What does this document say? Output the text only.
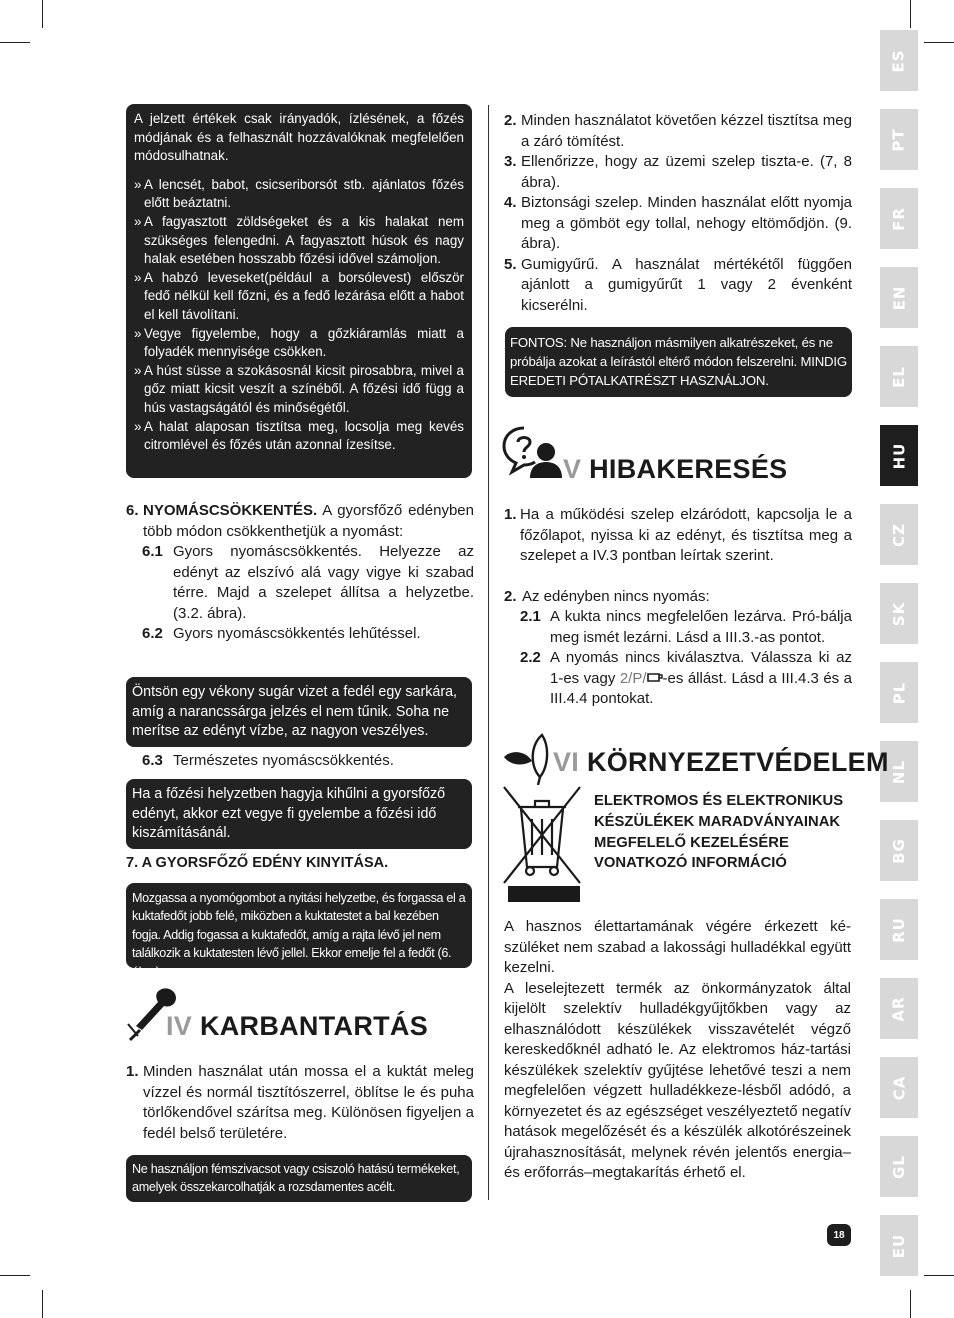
ES
PT
FR
EN
EL
HU
CZ
SK
PL
NL
BG
RU
AR
CA
GL
EU

A jelzett értékek csak irányadók, ízlésének, a főzés módjának és a felhasznált hozzávalóknak megfelelően módosulhatnak.

» A lencsét, babot, csicseriborsót stb. ajánlatos főzés előtt beáztatni.
» A fagyasztott zöldségeket és a kis halakat nem szükséges felengedni. A fagyasztott húsok és nagy halak esetében hosszabb főzési idővel számoljon.
» A habzó leveseket(például a borsólevest) először fedő nélkül kell főzni, és a fedő lezárása előtt a habot el kell távolítani.
» Vegye figyelembe, hogy a gőzkiáramlás miatt a folyadék mennyisége csökken.
» A húst süsse a szokásosnál kicsit pirosabbra, mivel a gőz miatt kicsit veszít a színéből. A főzési idő függ a hús vastagságától és minőségétől.
» A halat alaposan tisztítsa meg, locsolja meg kevés citromlével és főzés után azonnal ízesítse.
6. NYOMÁSCSÖKKENTÉS. A gyorsfőző edényben több módon csökkenthetjük a nyomást:
6.1 Gyors nyomáscsökkentés. Helyezze az edényt az elszívó alá vagy vigye ki szabad térre. Majd a szelepet állítsa a helyzetbe. (3.2. ábra).
6.2 Gyors nyomáscsökkentés lehűtéssel.

Öntsön egy vékony sugár vizet a fedél egy sarkára, amíg a narancssárga jelzés el nem tűnik. Soha ne merítse az edényt vízbe, az nagyon veszélyes.

6.3 Természetes nyomáscsökkentés.

Ha a főzési helyzetben hagyja kihűlni a gyorsfőző edényt, akkor ezt vegye fi gyelembe a főzési idő kiszámításánál.

7. A GYORSFŐZŐ EDÉNY KINYITÁSA.

Mozgassa a nyomógombot a nyitási helyzetbe, és forgassa el a kuktafedőt jobb felé, miközben a kuktatestet a bal kezében fogja. Addig fogassa a kuktafedőt, amíg a rajta lévő jel nem találkozik a kuktatesten lévő jellel. Ekkor emelje fel a fedőt (6. ábra).

IV KARBANTARTÁS
1. Minden használat után mossa el a kuktát meleg vízzel és normál tisztítószerrel, öblítse le és puha törlőkendővel szárítsa meg. Különösen figyeljen a fedél belső területére.

Ne használjon fémszivacsot vagy csiszoló hatású termékeket, amelyek összekarcolhatják a rozsdamentes acélt.

2. Minden használatot követően kézzel tisztítsa meg a záró tömítést.
3. Ellenőrizze, hogy az üzemi szelep tiszta-e. (7, 8 ábra).
4. Biztonsági szelep. Minden használat előtt nyomja meg a gömböt egy tollal, nehogy eltömődjön. (9. ábra).
5. Gumigyűrű. A használat mértékétől függően ajánlott a gumigyűrűt 1 vagy 2 évenként kicserélni.

FONTOS: Ne használjon másmilyen alkatrészeket, és ne próbálja azokat a leírástól eltérő módon felszerelni. MINDIG EREDETI PÓTALKATRÉSZT HASZNÁLJON.

V HIBAKERESÉS
1. Ha a működési szelep elzáródott, kapcsolja le a főzőlapot, nyissa ki az edényt, és tisztítsa meg a szelepet a IV.3 pontban leírtak szerint.
2. Az edényben nincs nyomás:
2.1 A kukta nincs megfelelően lezárva. Pró-bálja meg ismét lezárni. Lásd a III.3.-as pontot.
2.2 A nyomás nincs kiválasztva. Válassza ki az 1-es vagy 2/P/ -es állást. Lásd a III.4.3 és a III.4.4 pontokat.
VI KÖRNYEZETVÉDELEM
ELEKTROMOS ÉS ELEKTRONIKUS KÉSZÜLÉKEK MARADVÁNYAINAK MEGFELELŐ KEZELÉSÉRE VONATKOZÓ INFORMÁCIÓ

A hasznos élettartamának végére érkezett ké-szüléket nem szabad a lakossági hulladékkal együtt kezelni.

A leselejtezett termék az önkormányzatok által kijelölt szelektív hulladékgyűjtőkben vagy az elhasználódott készülékek visszavételét végző kereskedőknél adható le. Az elektromos ház-tartási készülékek szelektív gyűjtése lehetővé teszi a nem megfelelően végzett hulladékkeze-lésből adódó, a környezetet és az egészséget veszélyeztető negatív hatások megelőzését és a készülék alkotórészeinek újrahasznosítását, melynek révén jelentős energia– és erőforrás–megtakarítás érhető el.

18
